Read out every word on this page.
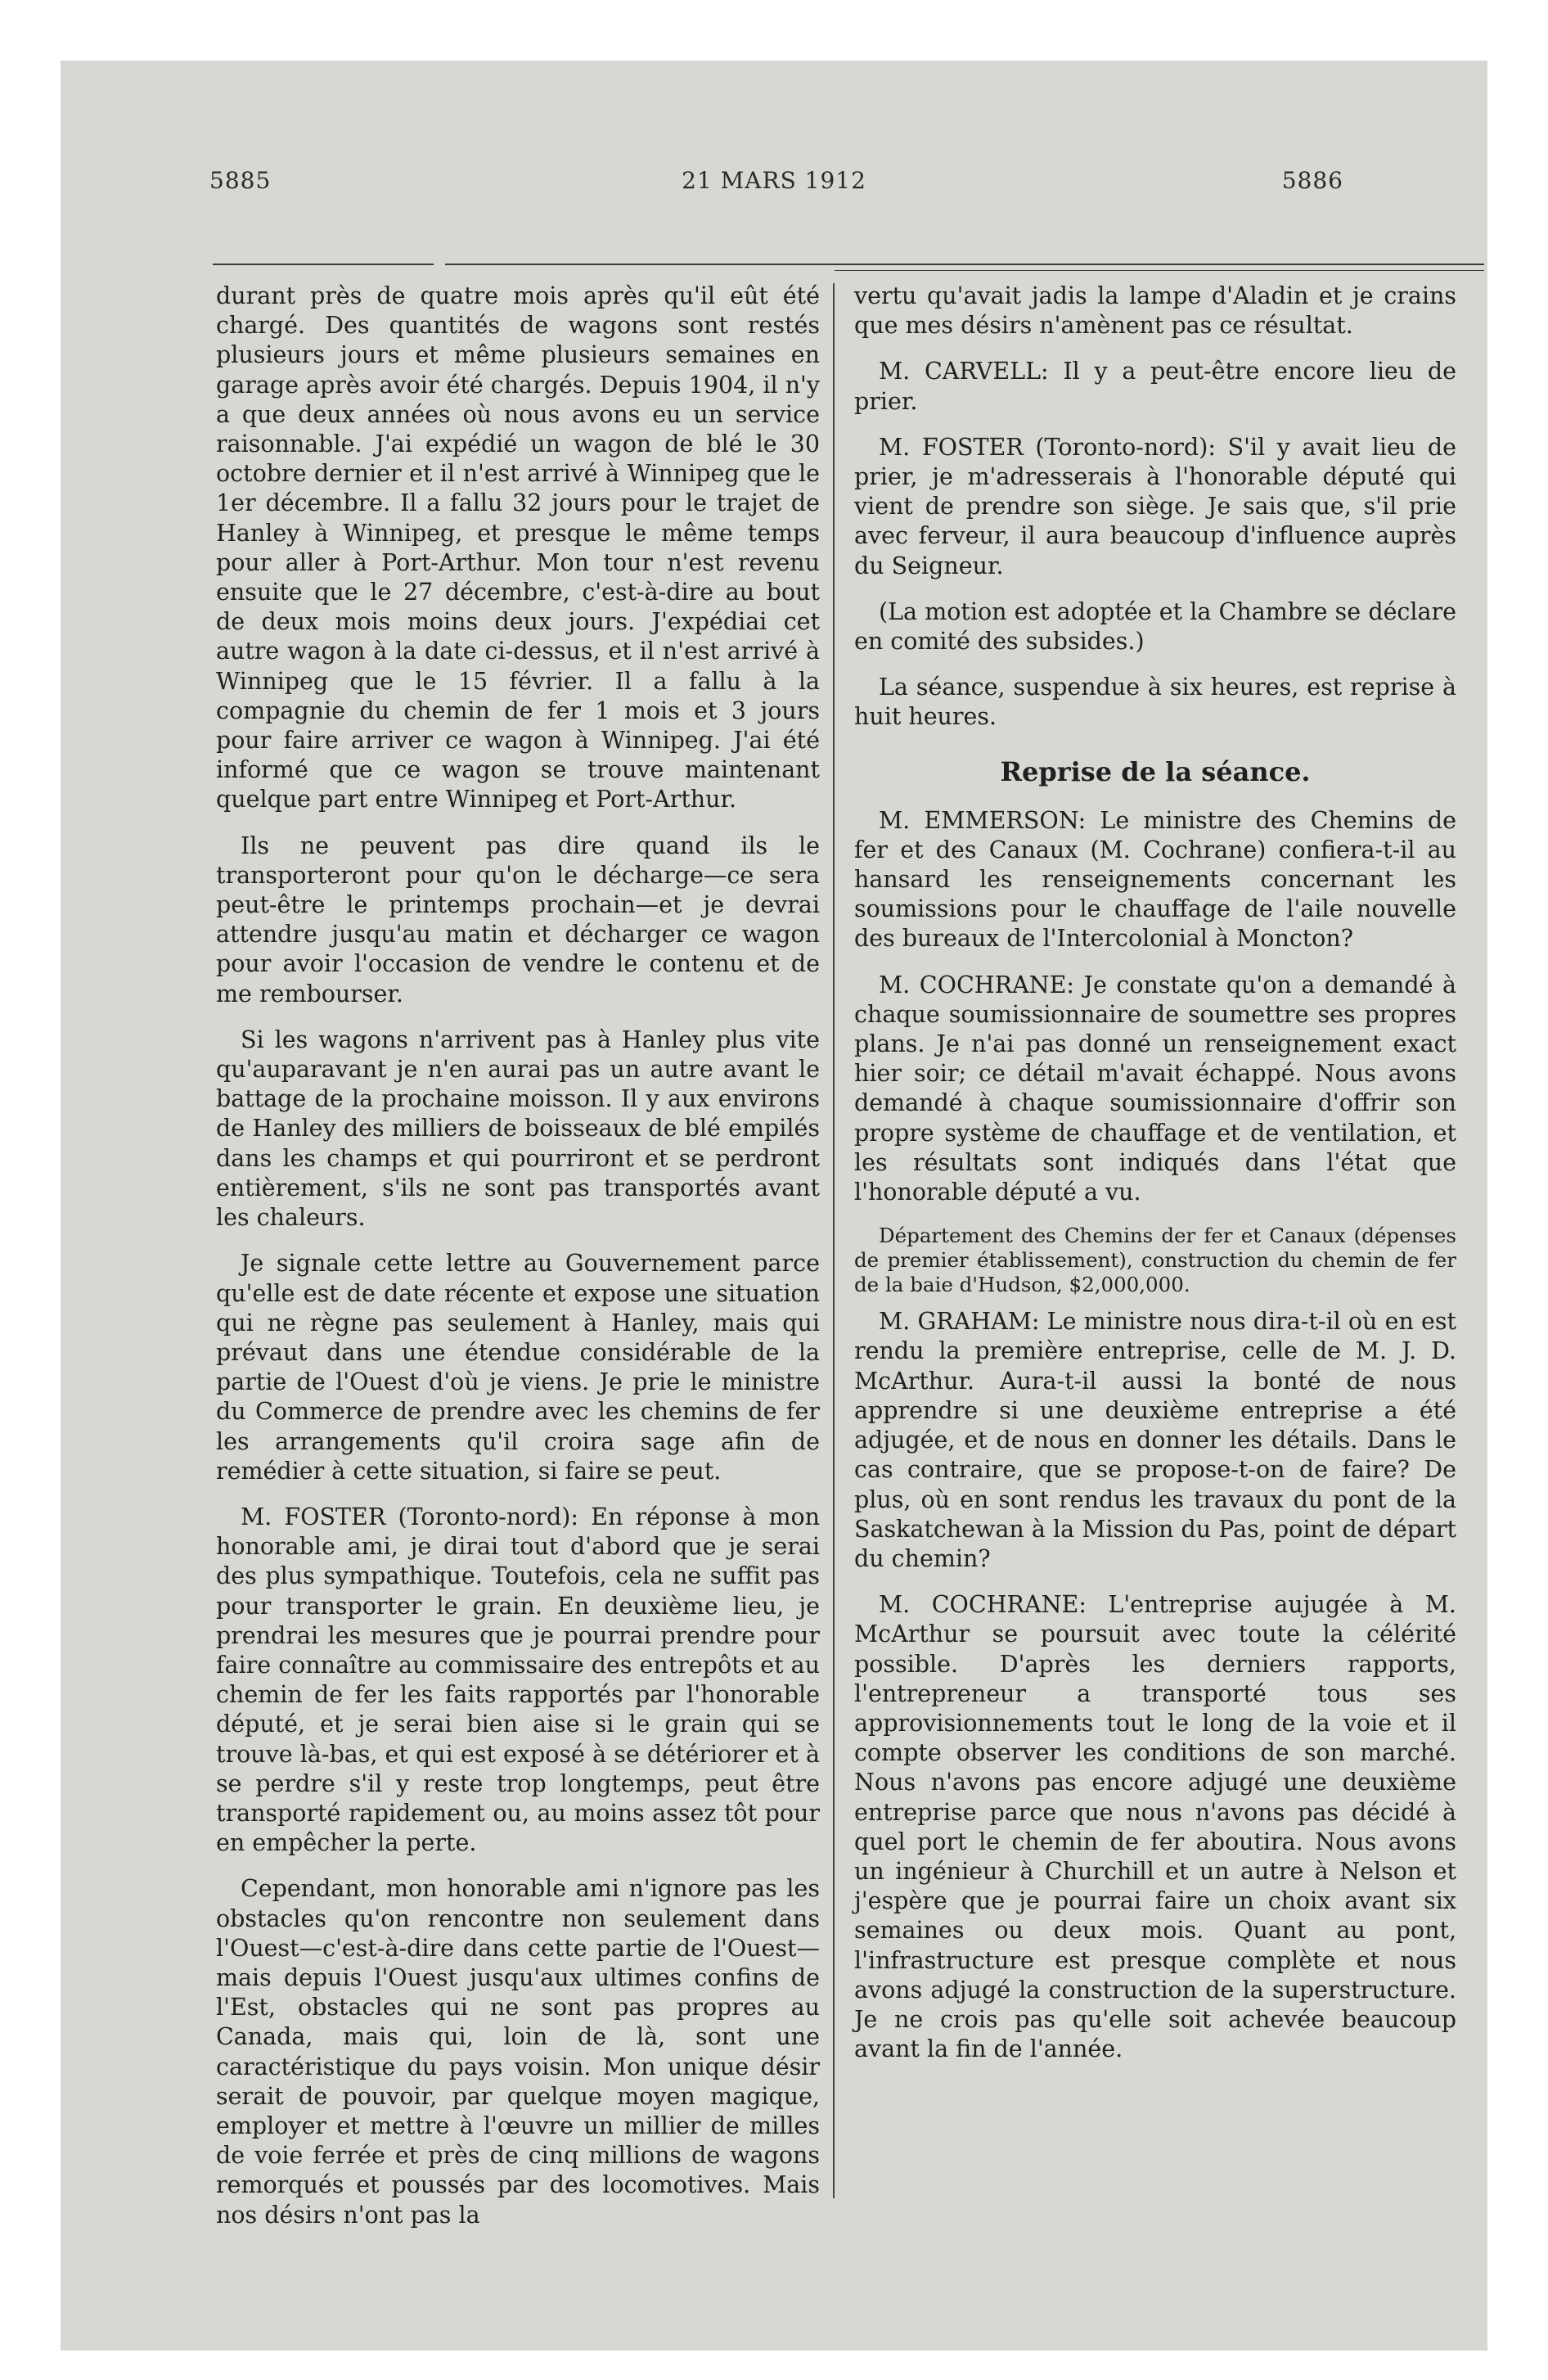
5885	21 MARS 1912	5886

durant près de quatre mois après qu'il eût été chargé. Des quantités de wagons sont restés plusieurs jours et même plusieurs semaines en garage après avoir été chargés. Depuis 1904, il n'y a que deux années où nous avons eu un service raisonnable. J'ai expédié un wagon de blé le 30 octobre dernier et il n'est arrivé à Winnipeg que le 1er décembre. Il a fallu 32 jours pour le trajet de Hanley à Winnipeg, et presque le même temps pour aller à Port-Arthur. Mon tour n'est revenu ensuite que le 27 décembre, c'est-à-dire au bout de deux mois moins deux jours. J'expédiai cet autre wagon à la date ci-dessus, et il n'est arrivé à Winnipeg que le 15 février. Il a fallu à la compagnie du chemin de fer 1 mois et 3 jours pour faire arriver ce wagon à Winnipeg. J'ai été informé que ce wagon se trouve maintenant quelque part entre Winnipeg et Port-Arthur.

Ils ne peuvent pas dire quand ils le transporteront pour qu'on le décharge—ce sera peut-être le printemps prochain—et je devrai attendre jusqu'au matin et décharger ce wagon pour avoir l'occasion de vendre le contenu et de me rembourser.

Si les wagons n'arrivent pas à Hanley plus vite qu'auparavant je n'en aurai pas un autre avant le battage de la prochaine moisson. Il y aux environs de Hanley des milliers de boisseaux de blé empilés dans les champs et qui pourriront et se perdront entièrement, s'ils ne sont pas transportés avant les chaleurs.

Je signale cette lettre au Gouvernement parce qu'elle est de date récente et expose une situation qui ne règne pas seulement à Hanley, mais qui prévaut dans une étendue considérable de la partie de l'Ouest d'où je viens. Je prie le ministre du Commerce de prendre avec les chemins de fer les arrangements qu'il croira sage afin de remédier à cette situation, si faire se peut.

M. FOSTER (Toronto-nord): En réponse à mon honorable ami, je dirai tout d'abord que je serai des plus sympathique. Toutefois, cela ne suffit pas pour transporter le grain. En deuxième lieu, je prendrai les mesures que je pourrai prendre pour faire connaître au commissaire des entrepôts et au chemin de fer les faits rapportés par l'honorable député, et je serai bien aise si le grain qui se trouve là-bas, et qui est exposé à se détériorer et à se perdre s'il y reste trop longtemps, peut être transporté rapidement ou, au moins assez tôt pour en empêcher la perte.

Cependant, mon honorable ami n'ignore pas les obstacles qu'on rencontre non seulement dans l'Ouest—c'est-à-dire dans cette partie de l'Ouest—mais depuis l'Ouest jusqu'aux ultimes confins de l'Est, obstacles qui ne sont pas propres au Canada, mais qui, loin de là, sont une caractéristique du pays voisin. Mon unique désir serait de pouvoir, par quelque moyen magique, employer et mettre à l'œuvre un millier de milles de voie ferrée et près de cinq millions de wagons remorqués et poussés par des locomotives. Mais nos désirs n'ont pas la

vertu qu'avait jadis la lampe d'Aladin et je crains que mes désirs n'amènent pas ce résultat.

M. CARVELL: Il y a peut-être encore lieu de prier.

M. FOSTER (Toronto-nord): S'il y avait lieu de prier, je m'adresserais à l'honorable député qui vient de prendre son siège. Je sais que, s'il prie avec ferveur, il aura beaucoup d'influence auprès du Seigneur.

(La motion est adoptée et la Chambre se déclare en comité des subsides.)

La séance, suspendue à six heures, est reprise à huit heures.

Reprise de la séance.

M. EMMERSON: Le ministre des Chemins de fer et des Canaux (M. Cochrane) confiera-t-il au hansard les renseignements concernant les soumissions pour le chauffage de l'aile nouvelle des bureaux de l'Intercolonial à Moncton?

M. COCHRANE: Je constate qu'on a demandé à chaque soumissionnaire de soumettre ses propres plans. Je n'ai pas donné un renseignement exact hier soir; ce détail m'avait échappé. Nous avons demandé à chaque soumissionnaire d'offrir son propre système de chauffage et de ventilation, et les résultats sont indiqués dans l'état que l'honorable député a vu.

Département des Chemins der fer et Canaux (dépenses de premier établissement), construction du chemin de fer de la baie d'Hudson, $2,000,000.

M. GRAHAM: Le ministre nous dira-t-il où en est rendu la première entreprise, celle de M. J. D. McArthur. Aura-t-il aussi la bonté de nous apprendre si une deuxième entreprise a été adjugée, et de nous en donner les détails. Dans le cas contraire, que se propose-t-on de faire? De plus, où en sont rendus les travaux du pont de la Saskatchewan à la Mission du Pas, point de départ du chemin?

M. COCHRANE: L'entreprise aujugée à M. McArthur se poursuit avec toute la célérité possible. D'après les derniers rapports, l'entrepreneur a transporté tous ses approvisionnements tout le long de la voie et il compte observer les conditions de son marché. Nous n'avons pas encore adjugé une deuxième entreprise parce que nous n'avons pas décidé à quel port le chemin de fer aboutira. Nous avons un ingénieur à Churchill et un autre à Nelson et j'espère que je pourrai faire un choix avant six semaines ou deux mois. Quant au pont, l'infrastructure est presque complète et nous avons adjugé la construction de la superstructure. Je ne crois pas qu'elle soit achevée beaucoup avant la fin de l'année.
